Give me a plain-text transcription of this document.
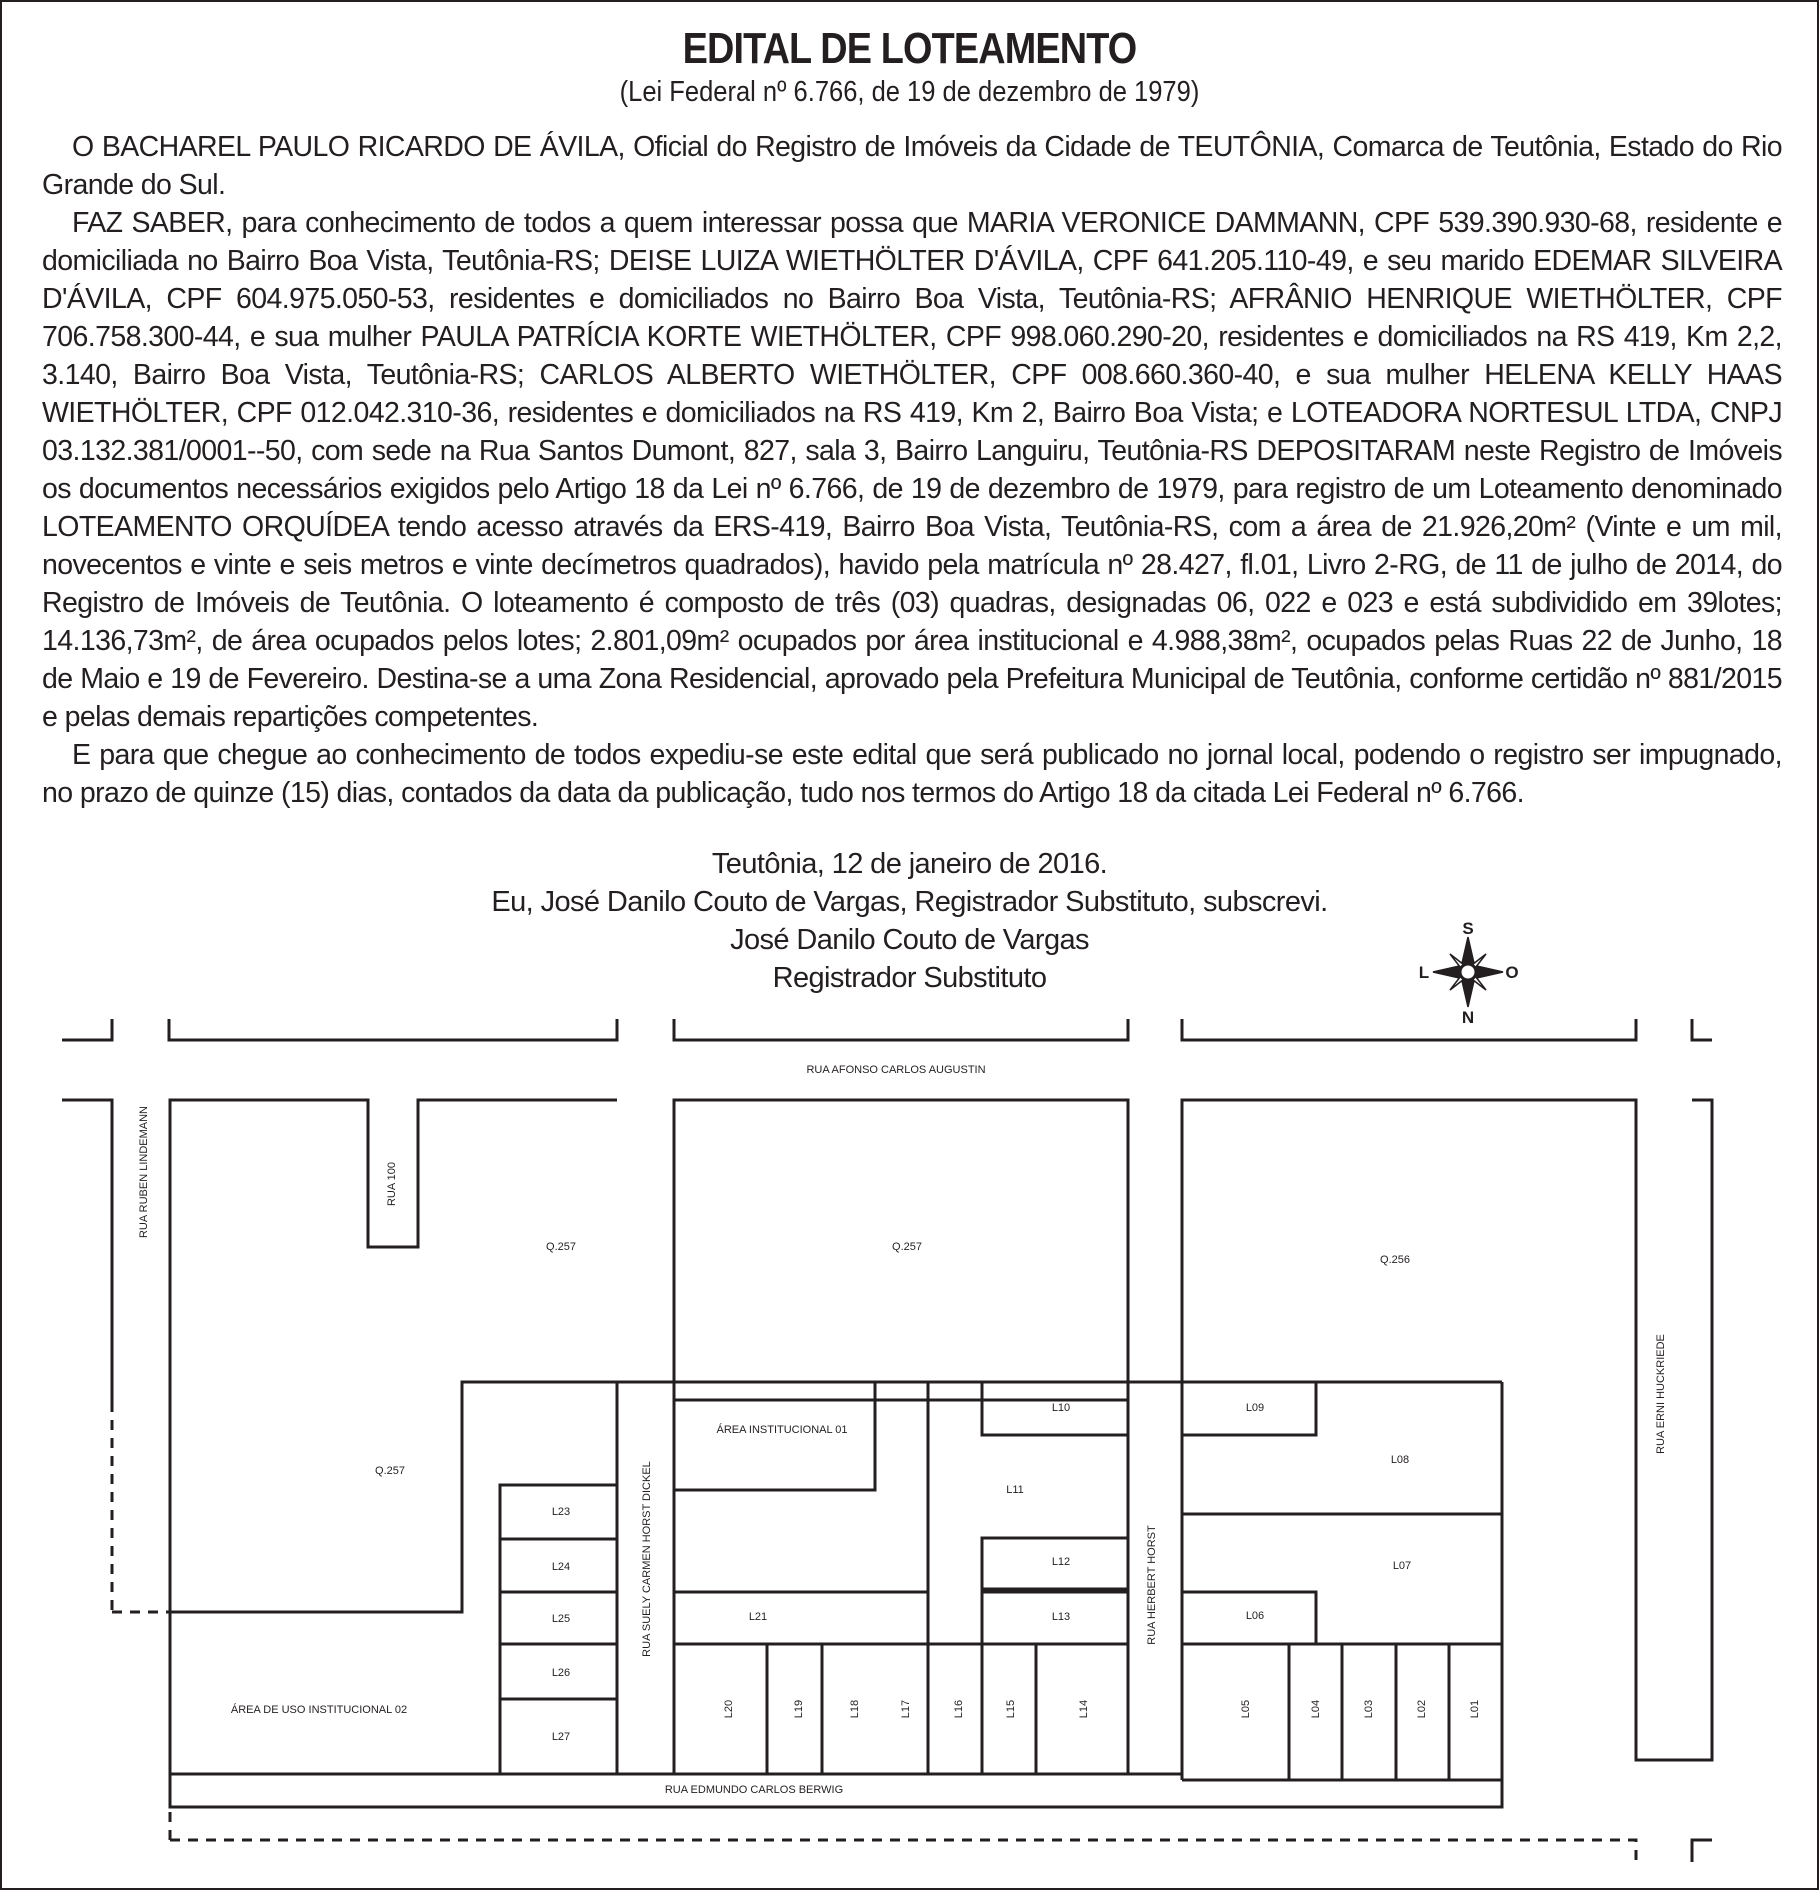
EDITAL DE LOTEAMENTO
(Lei Federal nº 6.766, de 19 de dezembro de 1979)

O BACHAREL PAULO RICARDO DE ÁVILA, Oficial do Registro de Imóveis da Cidade de TEUTÔNIA, Comarca de Teutônia, Estado do Rio Grande do Sul.

FAZ SABER, para conhecimento de todos a quem interessar possa que MARIA VERONICE DAMMANN, CPF 539.390.930-68, residente e domiciliada no Bairro Boa Vista, Teutônia-RS; DEISE LUIZA WIETHÖLTER D'ÁVILA, CPF 641.205.110-49, e seu marido EDEMAR SILVEIRA D'ÁVILA, CPF 604.975.050-53, residentes e domiciliados no Bairro Boa Vista, Teutônia-RS; AFRÂNIO HENRIQUE WIETHÖLTER, CPF 706.758.300-44, e sua mulher PAULA PATRÍCIA KORTE WIETHÖLTER, CPF 998.060.290-20, residentes e domiciliados na RS 419, Km 2,2, 3.140, Bairro Boa Vista, Teutônia-RS; CARLOS ALBERTO WIETHÖLTER, CPF 008.660.360-40, e sua mulher HELENA KELLY HAAS WIETHÖLTER, CPF 012.042.310-36, residentes e domiciliados na RS 419, Km 2, Bairro Boa Vista; e LOTEADORA NORTESUL LTDA, CNPJ 03.132.381/0001--50, com sede na Rua Santos Dumont, 827, sala 3, Bairro Languiru, Teutônia-RS DEPOSITARAM neste Registro de Imóveis os documentos necessários exigidos pelo Artigo 18 da Lei nº 6.766, de 19 de dezembro de 1979, para registro de um Loteamento denominado LOTEAMENTO ORQUÍDEA tendo acesso através da ERS-419, Bairro Boa Vista, Teutônia-RS, com a área de 21.926,20m² (Vinte e um mil, novecentos e vinte e seis metros e vinte decímetros quadrados), havido pela matrícula nº 28.427, fl.01, Livro 2-RG, de 11 de julho de 2014, do Registro de Imóveis de Teutônia. O loteamento é composto de três (03) quadras, designadas 06, 022 e 023 e está subdividido em 39lotes; 14.136,73m², de área ocupados pelos lotes; 2.801,09m² ocupados por área institucional e 4.988,38m², ocupados pelas Ruas 22 de Junho, 18 de Maio e 19 de Fevereiro. Destina-se a uma Zona Residencial, aprovado pela Prefeitura Municipal de Teutônia, conforme certidão nº 881/2015 e pelas demais repartições competentes.

E para que chegue ao conhecimento de todos expediu-se este edital que será publicado no jornal local, podendo o registro ser impugnado, no prazo de quinze (15) dias, contados da data da publicação, tudo nos termos do Artigo 18 da citada Lei Federal nº 6.766.

Teutônia, 12 de janeiro de 2016.
Eu, José Danilo Couto de Vargas, Registrador Substituto, subscrevi.
José Danilo Couto de Vargas
Registrador Substituto
S
L	O
N
RUA AFONSO CARLOS AUGUSTIN
RUA RUBEN LINDEMANN	RUA 100
RUA ERNI HUCKRIEDE
RUA SUELY CARMEN HORST DICKEL	RUA HERBERT HORST
RUA EDMUNDO CARLOS BERWIG
Q.257	Q.257
Q.257
Q.256
ÁREA INSTITUCIONAL 01
ÁREA DE USO INSTITUCIONAL 02
L10
L11
L12
L13
L21
L09
L08
L07
L06
L23
L24
L25
L26
L27
L20	L19	L18	L17	L16	L15	L14	L05	L04	L03	L02	L01
